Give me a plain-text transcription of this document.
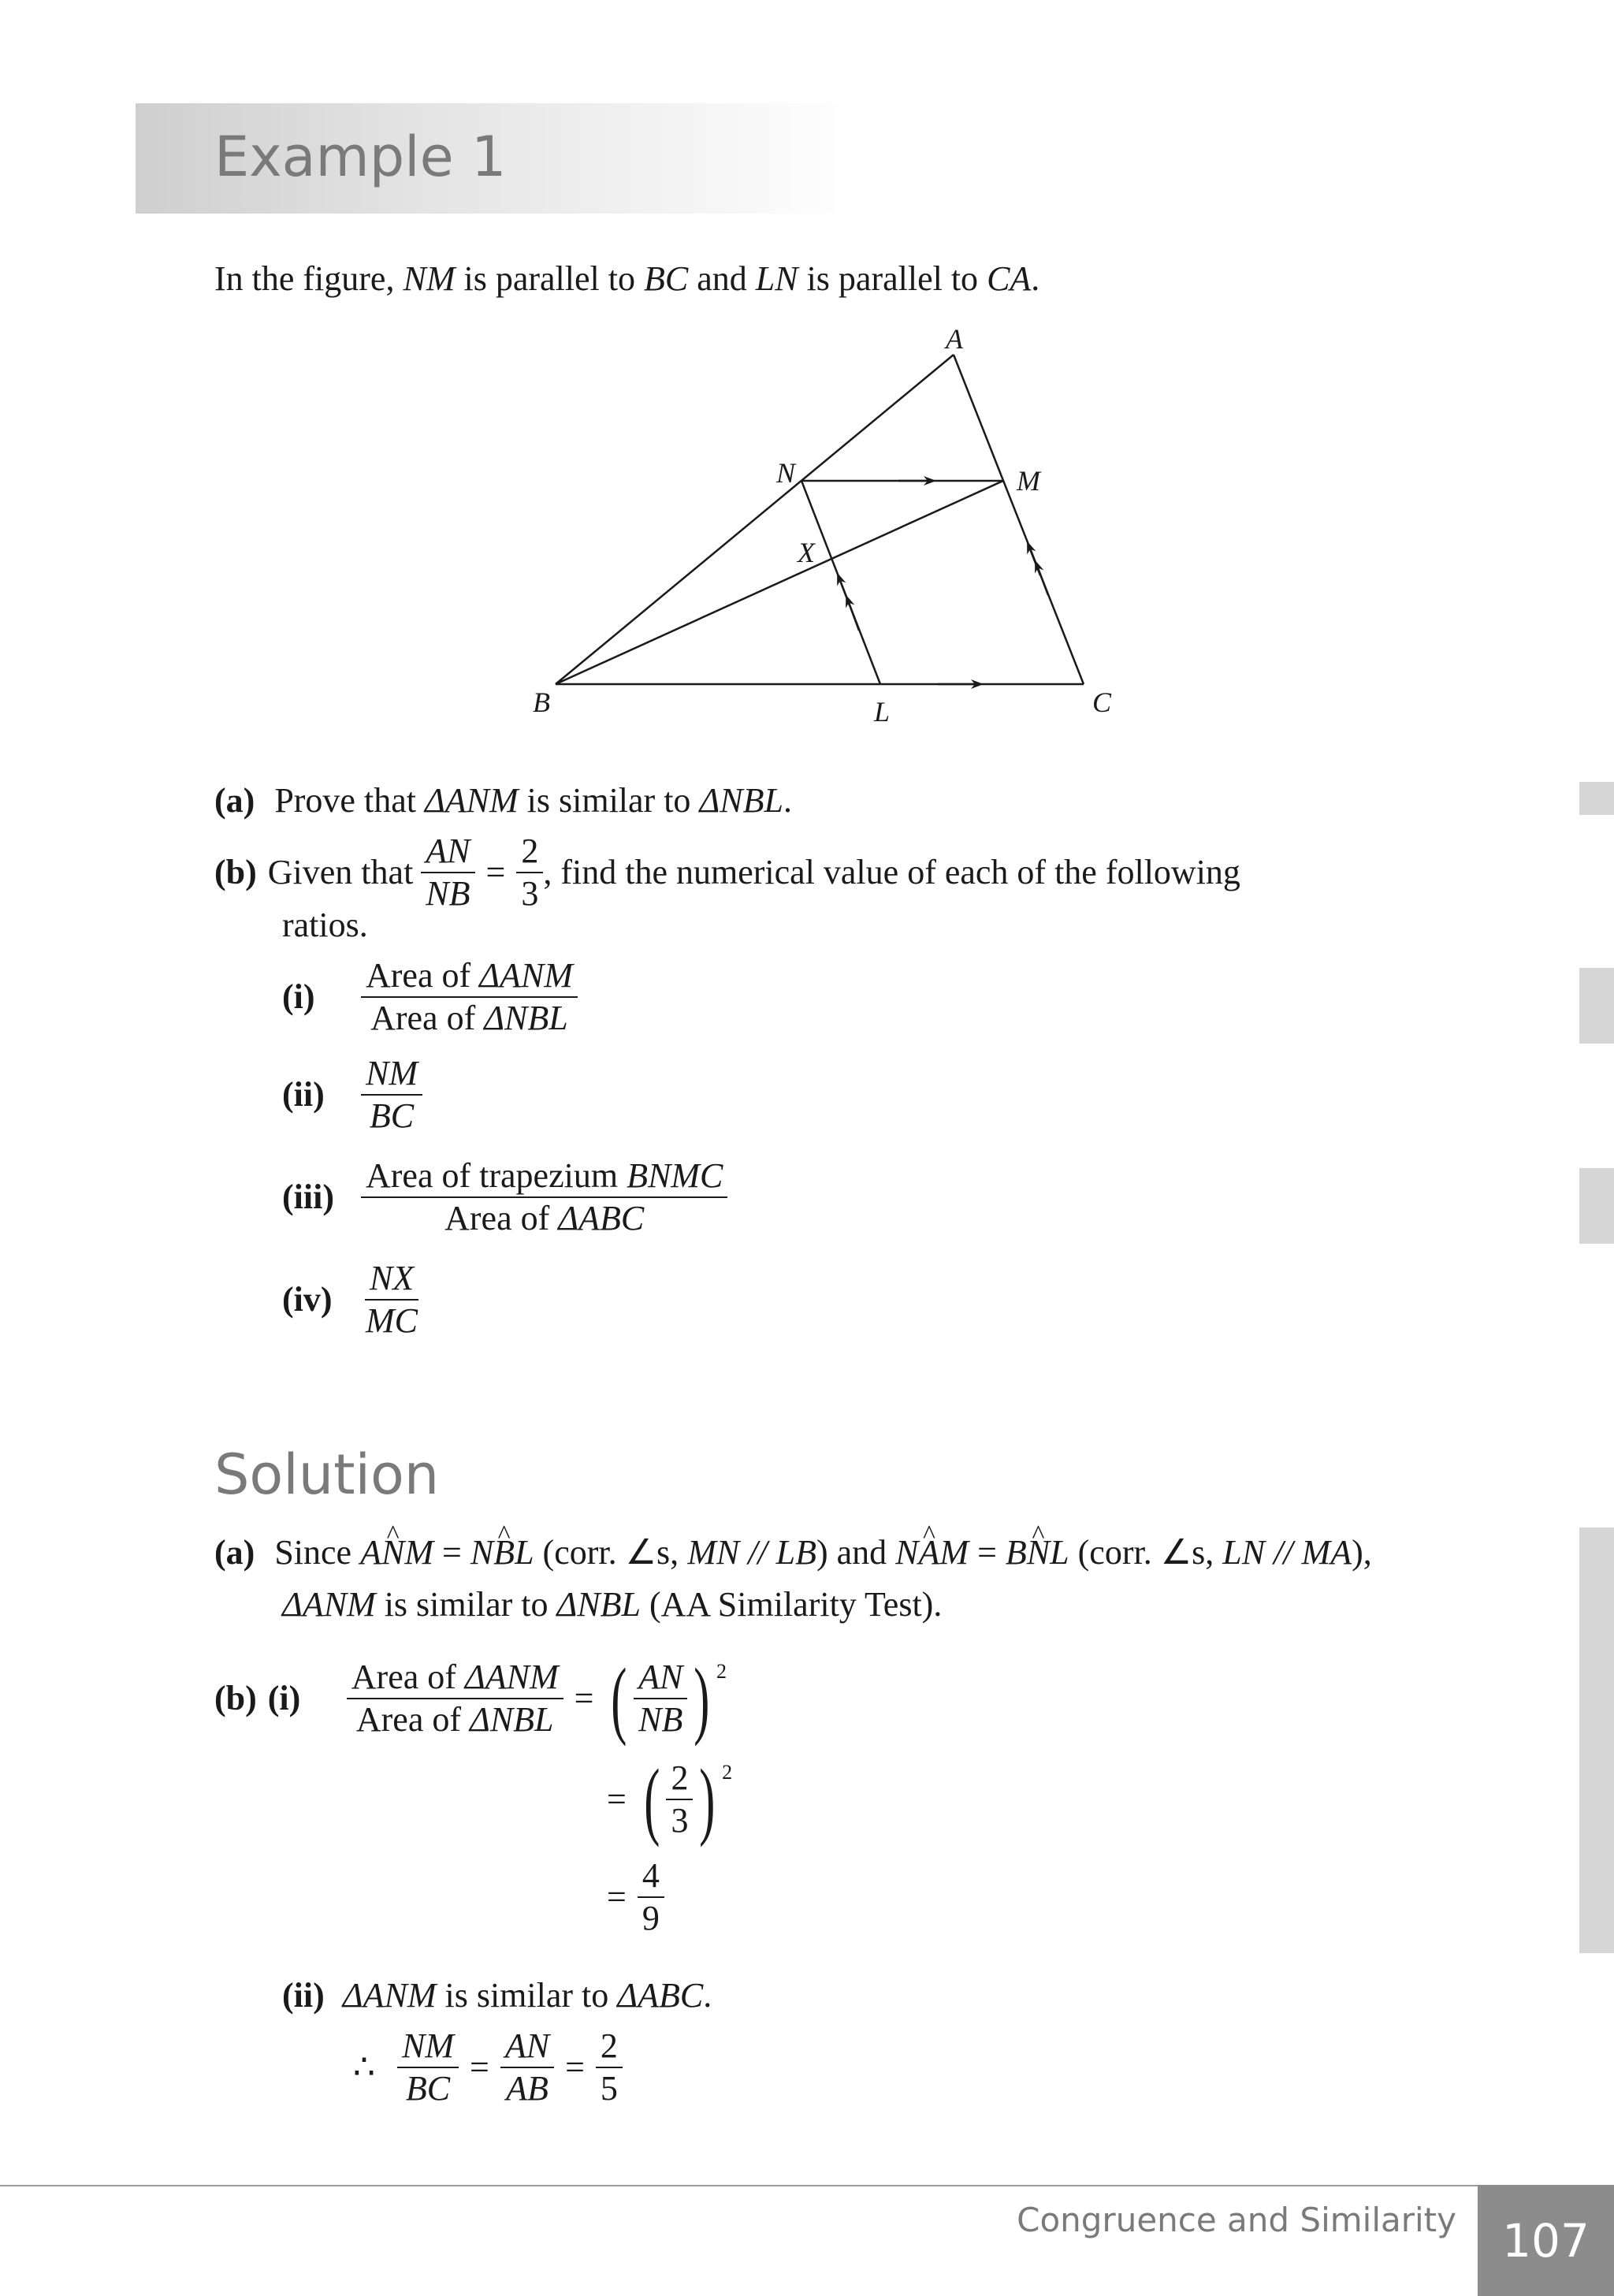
Example 1
In the figure, NM is parallel to BC and LN is parallel to CA.
A
N	M
X
B	L	C
(a) Prove that ΔANM is similar to ΔNBL.
(b) Given that $\frac{AN}{NB} = \frac{2}{3}$ , find the numerical value of each of the following
ratios.
(i)	$\frac{\text{Area of ΔANM}}{\text{Area of ΔNBL}}$
(ii)	$\frac{NM}{BC}$
$(iii) \frac{\text{Area of trapezium BNMC}}{\text{Area of ΔABC}}$
$(iv) \frac{NX}{MC}$
Solution
(a) Since AN ^M = NB ^L (corr. ∠s, MN // LB) and NA ^M = BN ^L (corr. ∠s, LN // MA),
ΔANM is similar to ΔNBL (AA Similarity Test).
(b) (i)	$\frac{\text{Area of ΔANM}}{\text{Area of ΔNBL}}$ = ( $\frac{AN}{NB}$ ) 2
= ( $\frac{2}{3}$ ) 2
= $\frac{4}{9}$
(ii) ΔANM is similar to ΔABC.
∴ $\frac{NM}{BC} = \frac{AN}{AB} = \frac{2}{5}$
Congruence and Similarity	107
